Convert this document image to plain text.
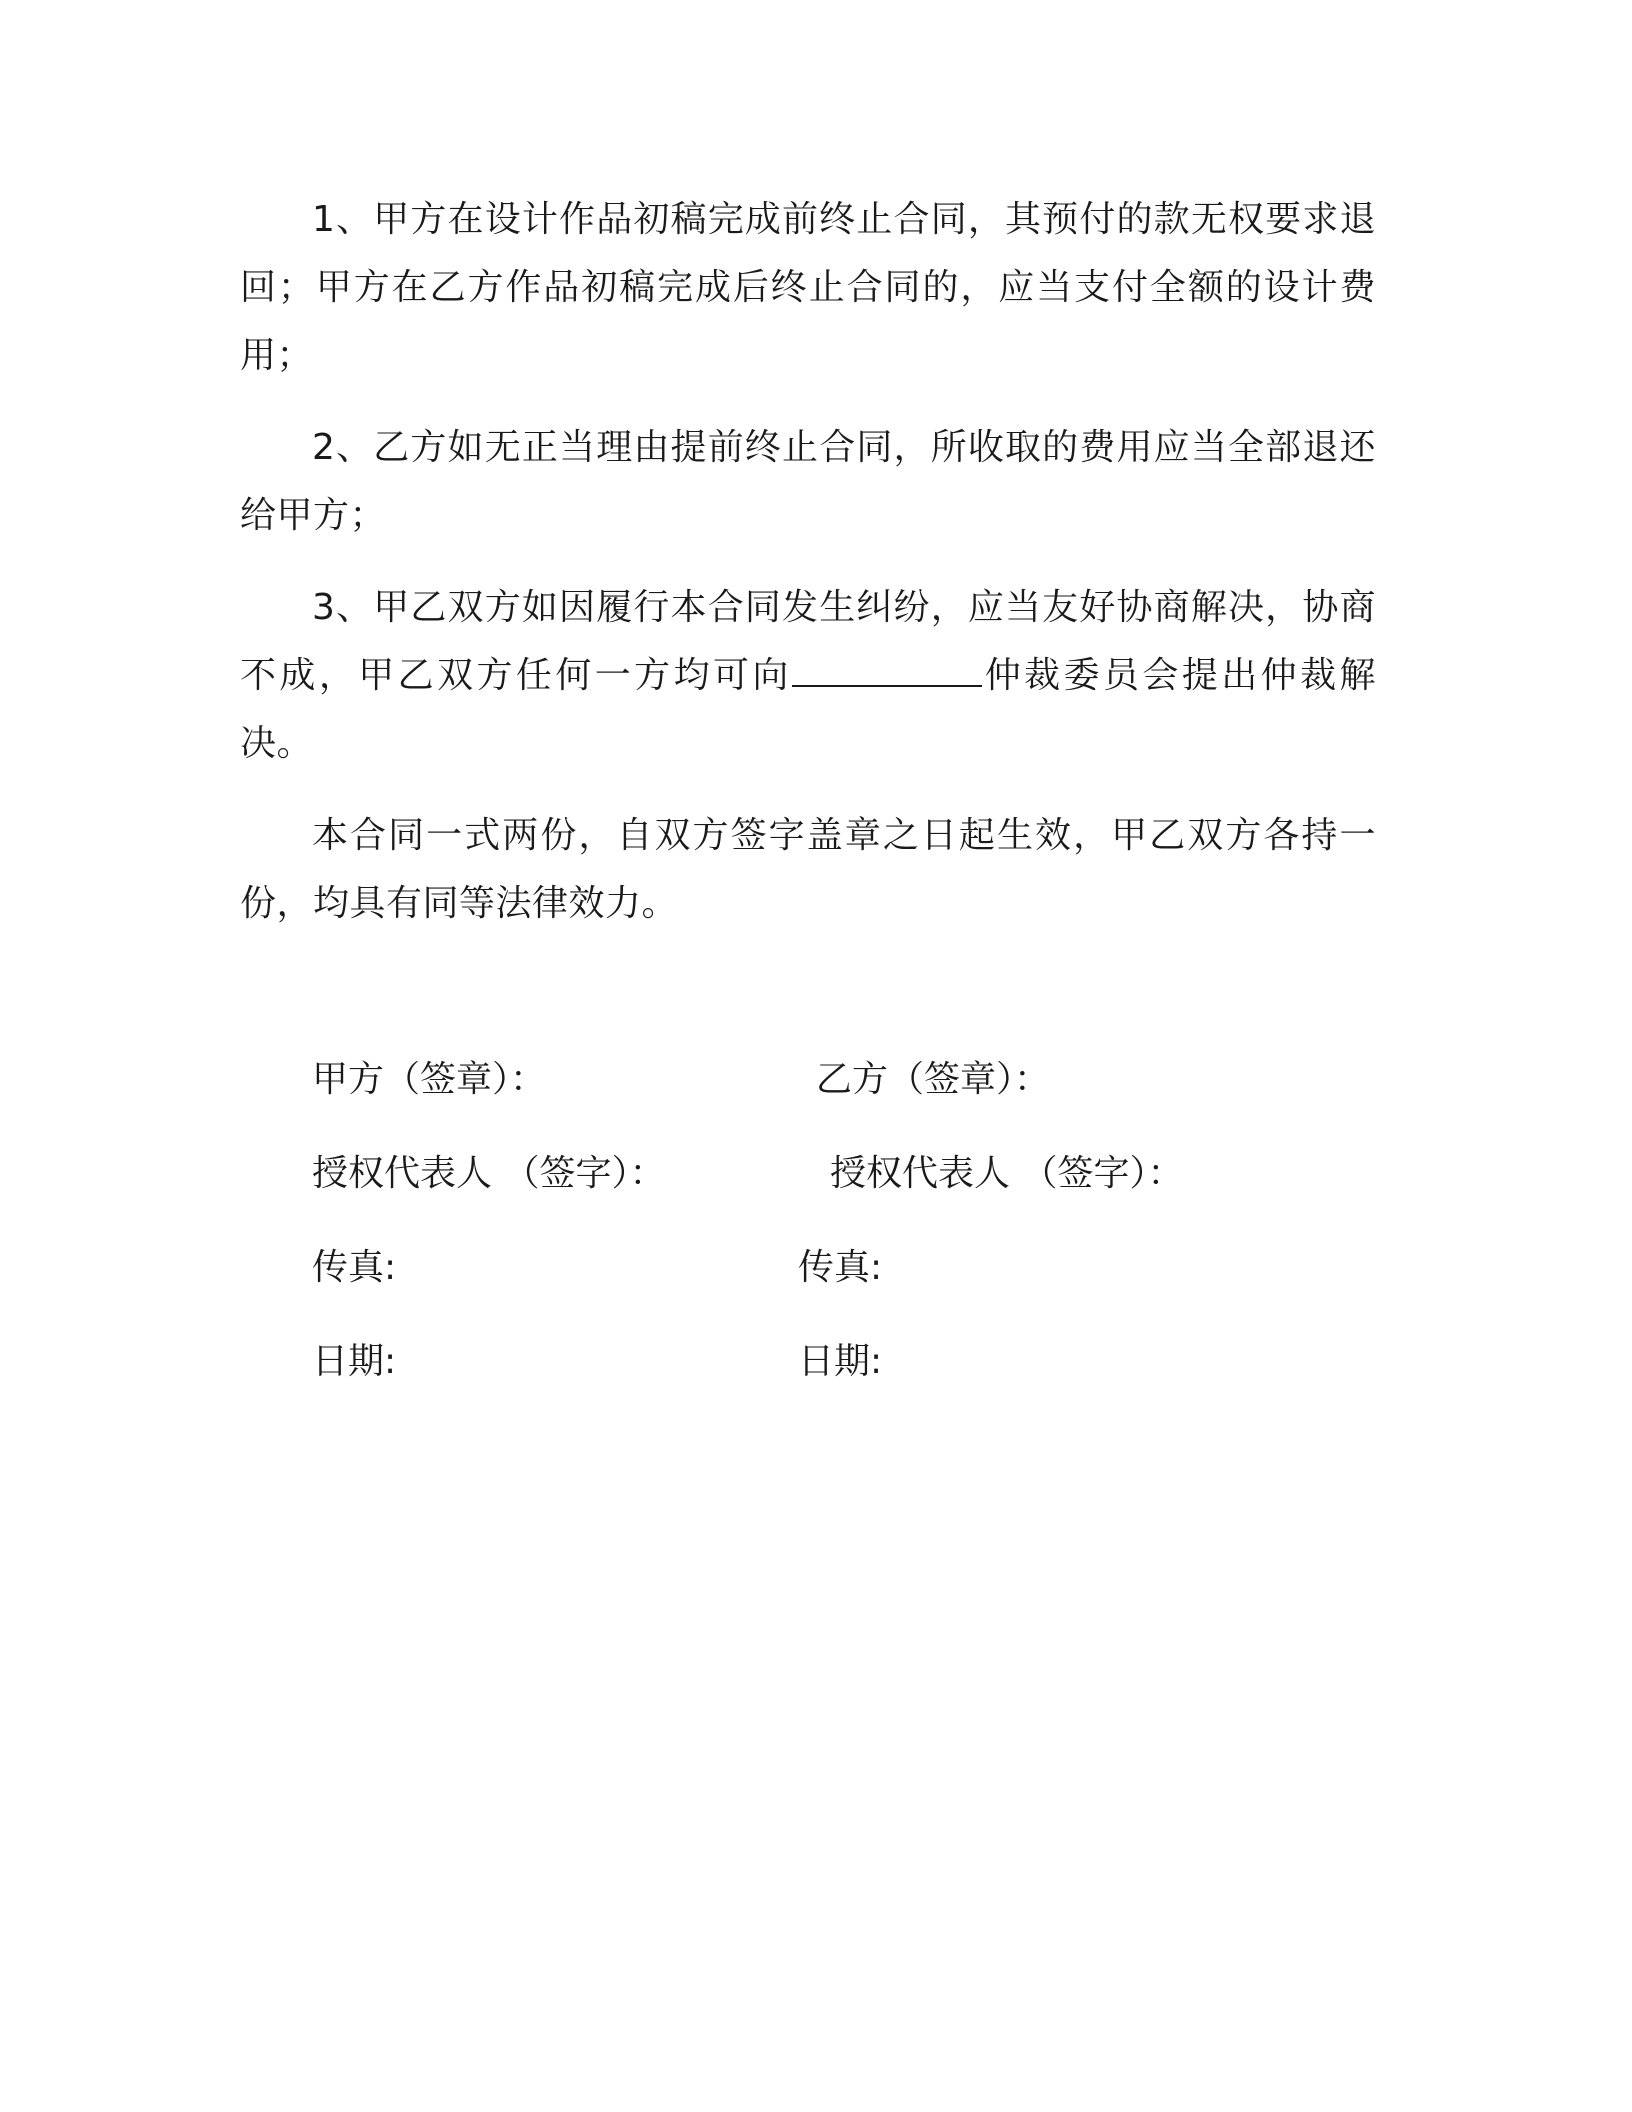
1、甲方在设计作品初稿完成前终止合同，其预付的款无权要求退回；甲方在乙方作品初稿完成后终止合同的，应当支付全额的设计费用；

2、乙方如无正当理由提前终止合同，所收取的费用应当全部退还给甲方；

3、甲乙双方如因履行本合同发生纠纷，应当友好协商解决，协商不成，甲乙双方任何一方均可向	仲裁委员会提出仲裁解决。

本合同一式两份，自双方签字盖章之日起生效，甲乙双方各持一份，均具有同等法律效力。

甲方（签章）：	乙方（签章）：
授权代表人 （签字）：	授权代表人 （签字）：
传真:	传真:
日期:	日期:
